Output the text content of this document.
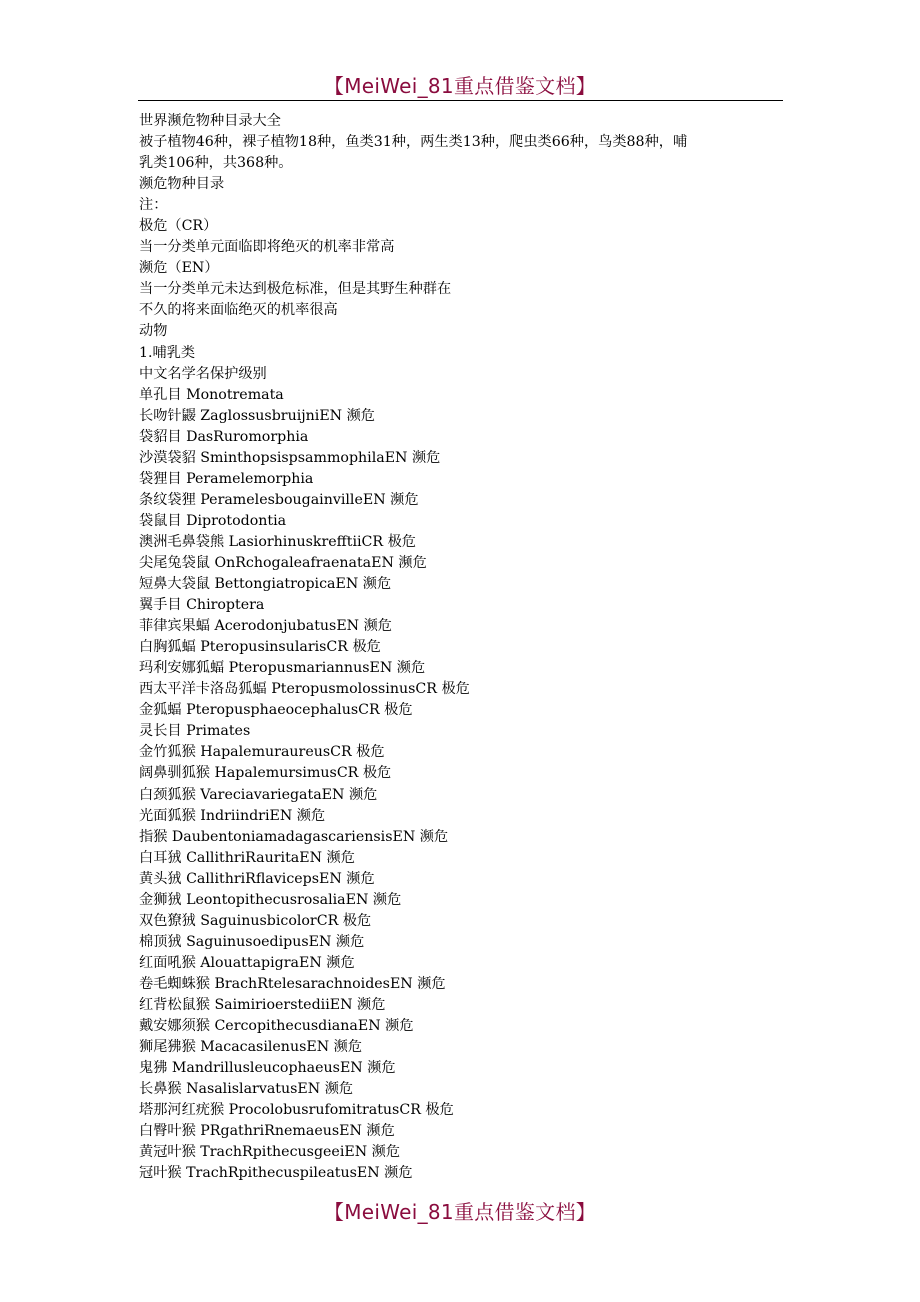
【MeiWei_81重点借鉴文档】
世界濒危物种目录大全
被子植物46种，裸子植物18种，鱼类31种，两生类13种，爬虫类66种，鸟类88种，哺
乳类106种，共368种。
濒危物种目录
注：
极危（CR）
当一分类单元面临即将绝灭的机率非常高
濒危（EN）
当一分类单元未达到极危标准，但是其野生种群在
不久的将来面临绝灭的机率很高
动物
1.哺乳类
中文名学名保护级别
单孔目 Monotremata
长吻针鼹 ZaglossusbruijniEN 濒危
袋貂目 DasRuromorphia
沙漠袋貂 SminthopsispsammophilaEN 濒危
袋狸目 Peramelemorphia
条纹袋狸 PeramelesbougainvilleEN 濒危
袋鼠目 Diprotodontia
澳洲毛鼻袋熊 LasiorhinuskrefftiiCR 极危
尖尾兔袋鼠 OnRchogaleafraenataEN 濒危
短鼻大袋鼠 BettongiatropicaEN 濒危
翼手目 Chiroptera
菲律宾果蝠 AcerodonjubatusEN 濒危
白胸狐蝠 PteropusinsularisCR 极危
玛利安娜狐蝠 PteropusmariannusEN 濒危
西太平洋卡洛岛狐蝠 PteropusmolossinusCR 极危
金狐蝠 PteropusphaeocephalusCR 极危
灵长目 Primates
金竹狐猴 HapalemuraureusCR 极危
阔鼻驯狐猴 HapalemursimusCR 极危
白颈狐猴 VareciavariegataEN 濒危
光面狐猴 IndriindriEN 濒危
指猴 DaubentoniamadagascariensisEN 濒危
白耳狨 CallithriRauritaEN 濒危
黄头狨 CallithriRflavicepsEN 濒危
金狮狨 LeontopithecusrosaliaEN 濒危
双色獠狨 SaguinusbicolorCR 极危
棉顶狨 SaguinusoedipusEN 濒危
红面吼猴 AlouattapigraEN 濒危
卷毛蜘蛛猴 BrachRtelesarachnoidesEN 濒危
红背松鼠猴 SaimirioerstediiEN 濒危
戴安娜须猴 CercopithecusdianaEN 濒危
狮尾狒猴 MacacasilenusEN 濒危
鬼狒 MandrillusleucophaeusEN 濒危
长鼻猴 NasalislarvatusEN 濒危
塔那河红疣猴 ProcolobusrufomitratusCR 极危
白臀叶猴 PRgathriRnemaeusEN 濒危
黄冠叶猴 TrachRpithecusgeeiEN 濒危
冠叶猴 TrachRpithecuspileatusEN 濒危
【MeiWei_81重点借鉴文档】
